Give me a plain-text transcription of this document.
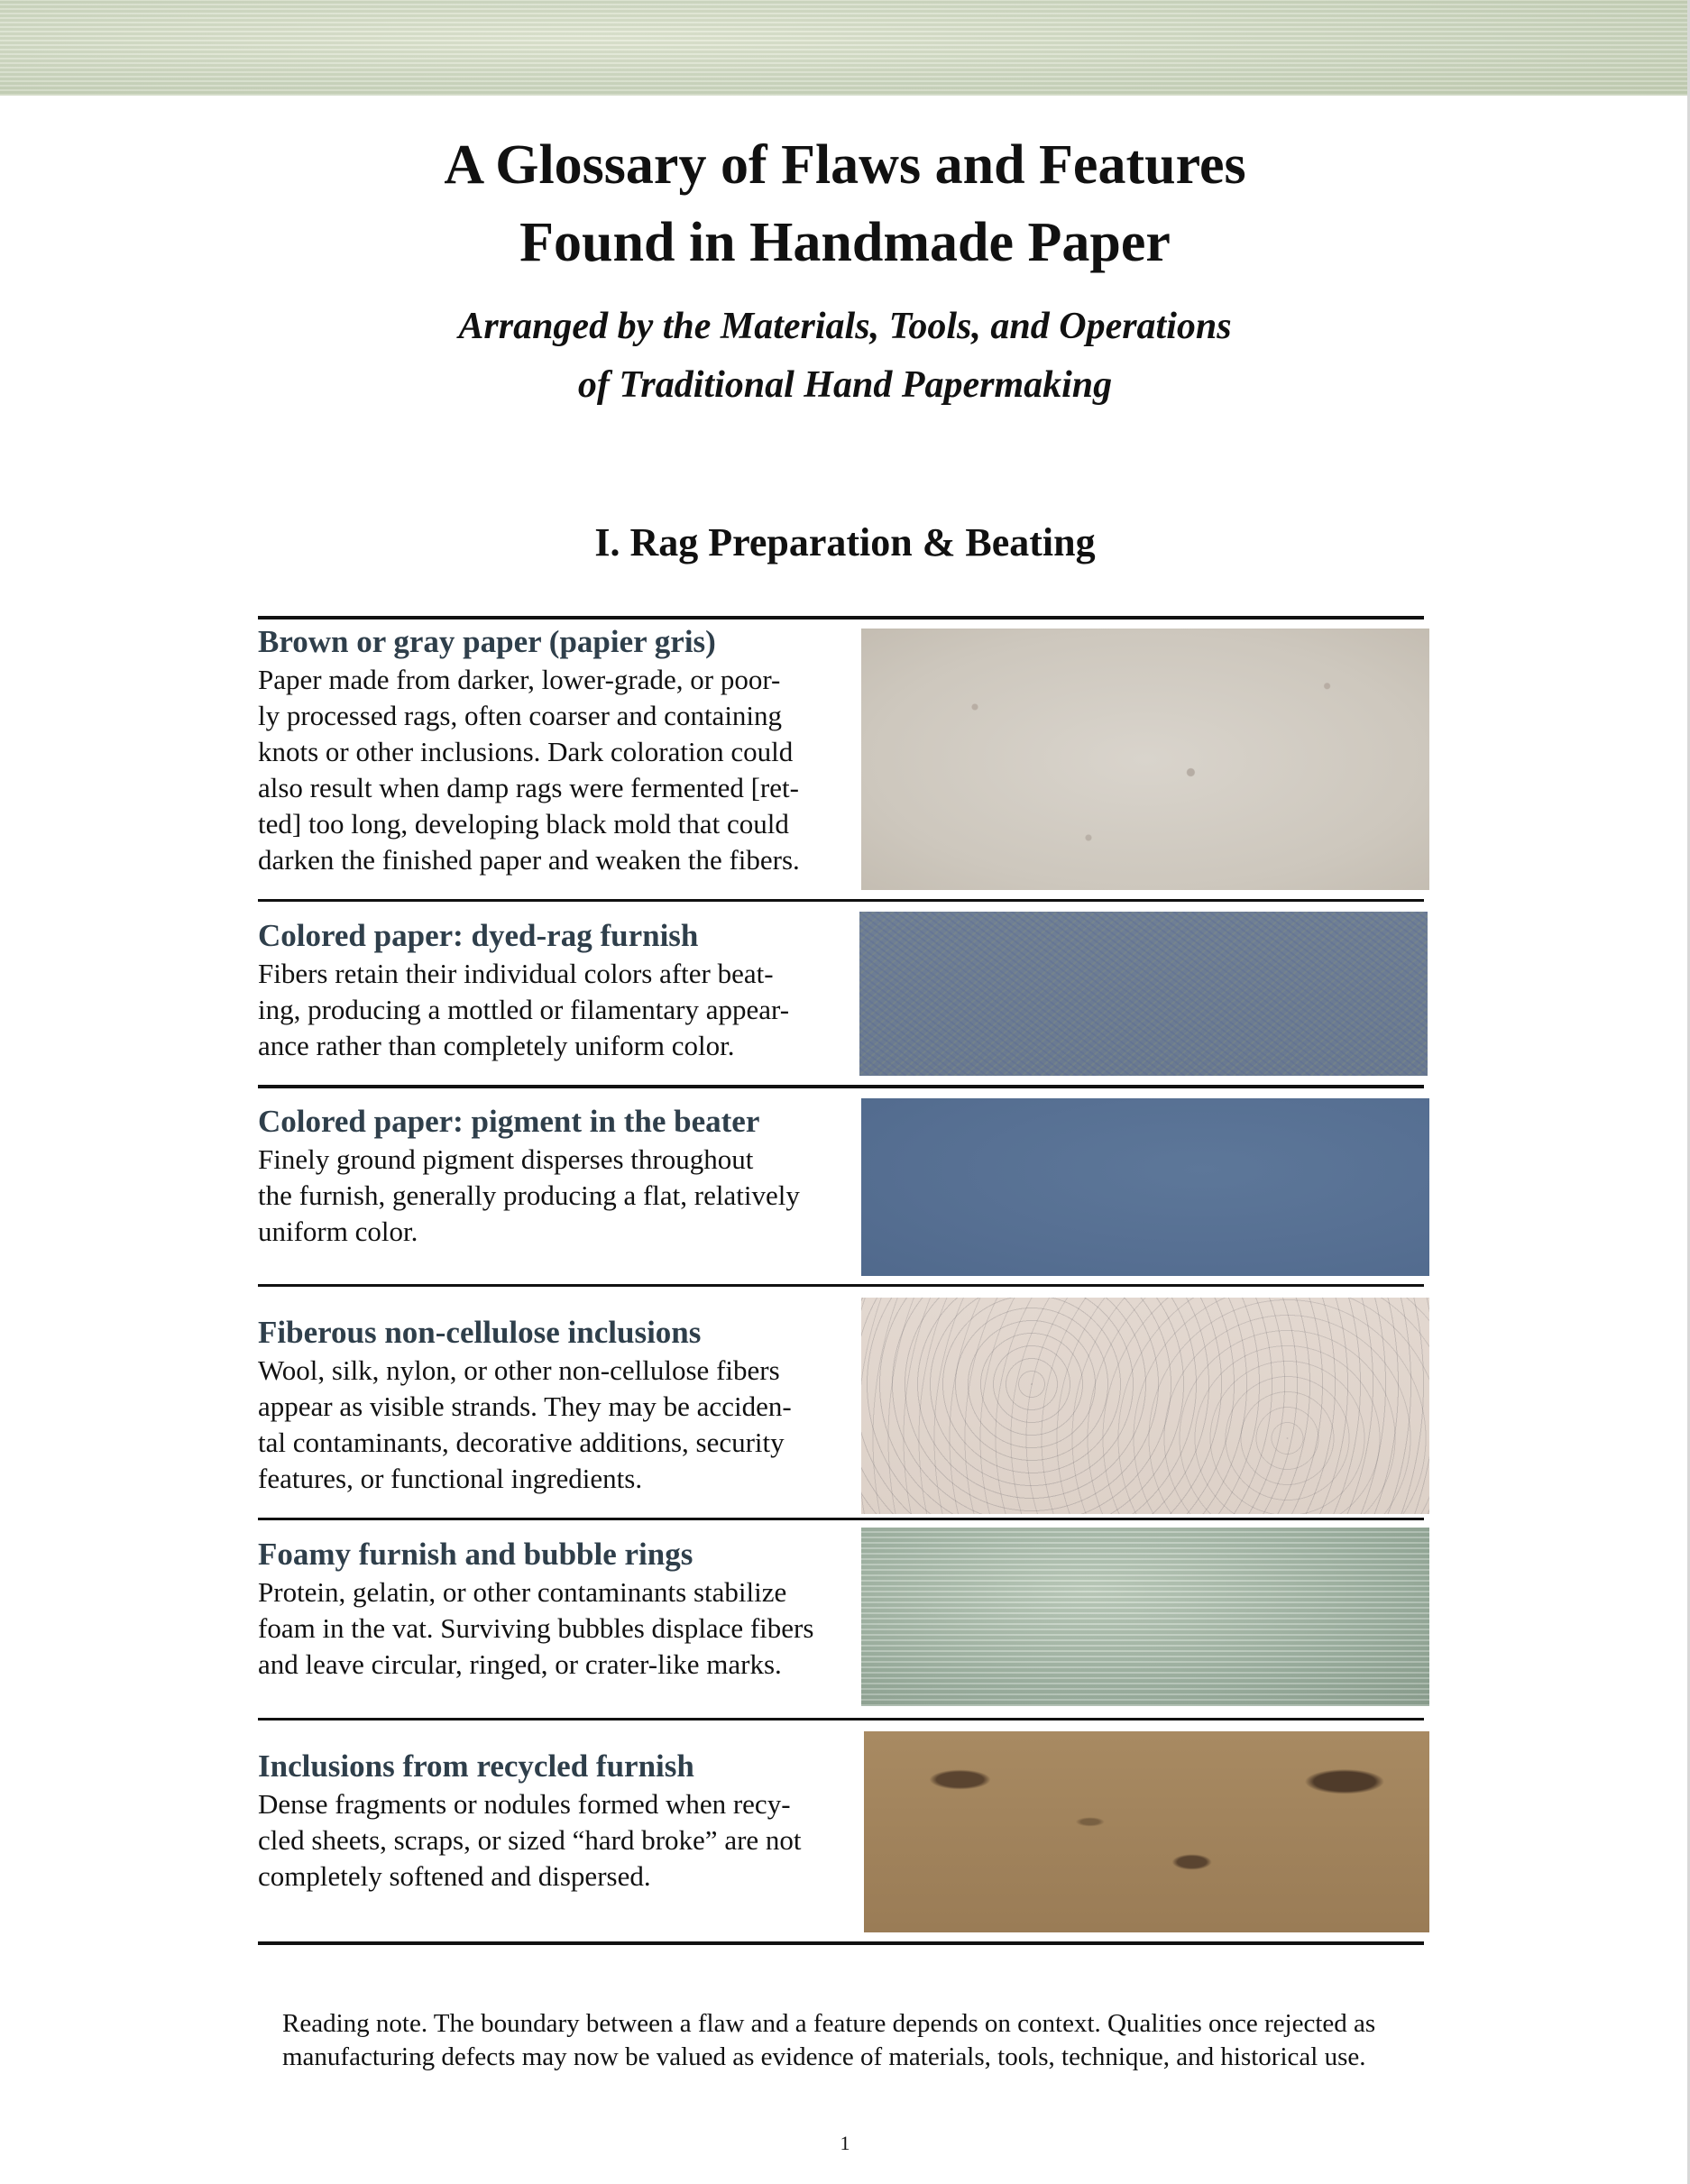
A Glossary of Flaws and Features
Found in Handmade Paper
Arranged by the Materials, Tools, and Operations
of Traditional Hand Papermaking
I. Rag Preparation & Beating
Brown or gray paper (papier gris)
Paper made from darker, lower-grade, or poor-
ly processed rags, often coarser and containing
knots or other inclusions. Dark coloration could
also result when damp rags were fermented [ret-
ted] too long, developing black mold that could
darken the finished paper and weaken the fibers.
Colored paper: dyed-rag furnish
Fibers retain their individual colors after beat-
ing, producing a mottled or filamentary appear-
ance rather than completely uniform color.
Colored paper: pigment in the beater
Finely ground pigment disperses throughout
the furnish, generally producing a flat, relatively
uniform color.
Fiberous non-cellulose inclusions
Wool, silk, nylon, or other non-cellulose fibers
appear as visible strands. They may be acciden-
tal contaminants, decorative additions, security
features, or functional ingredients.
Foamy furnish and bubble rings
Protein, gelatin, or other contaminants stabilize
foam in the vat. Surviving bubbles displace fibers
and leave circular, ringed, or crater-like marks.
Inclusions from recycled furnish
Dense fragments or nodules formed when recy-
cled sheets, scraps, or sized “hard broke” are not
completely softened and dispersed.
Reading note. The boundary between a flaw and a feature depends on context. Qualities once rejected as
manufacturing defects may now be valued as evidence of materials, tools, technique, and historical use.
1
